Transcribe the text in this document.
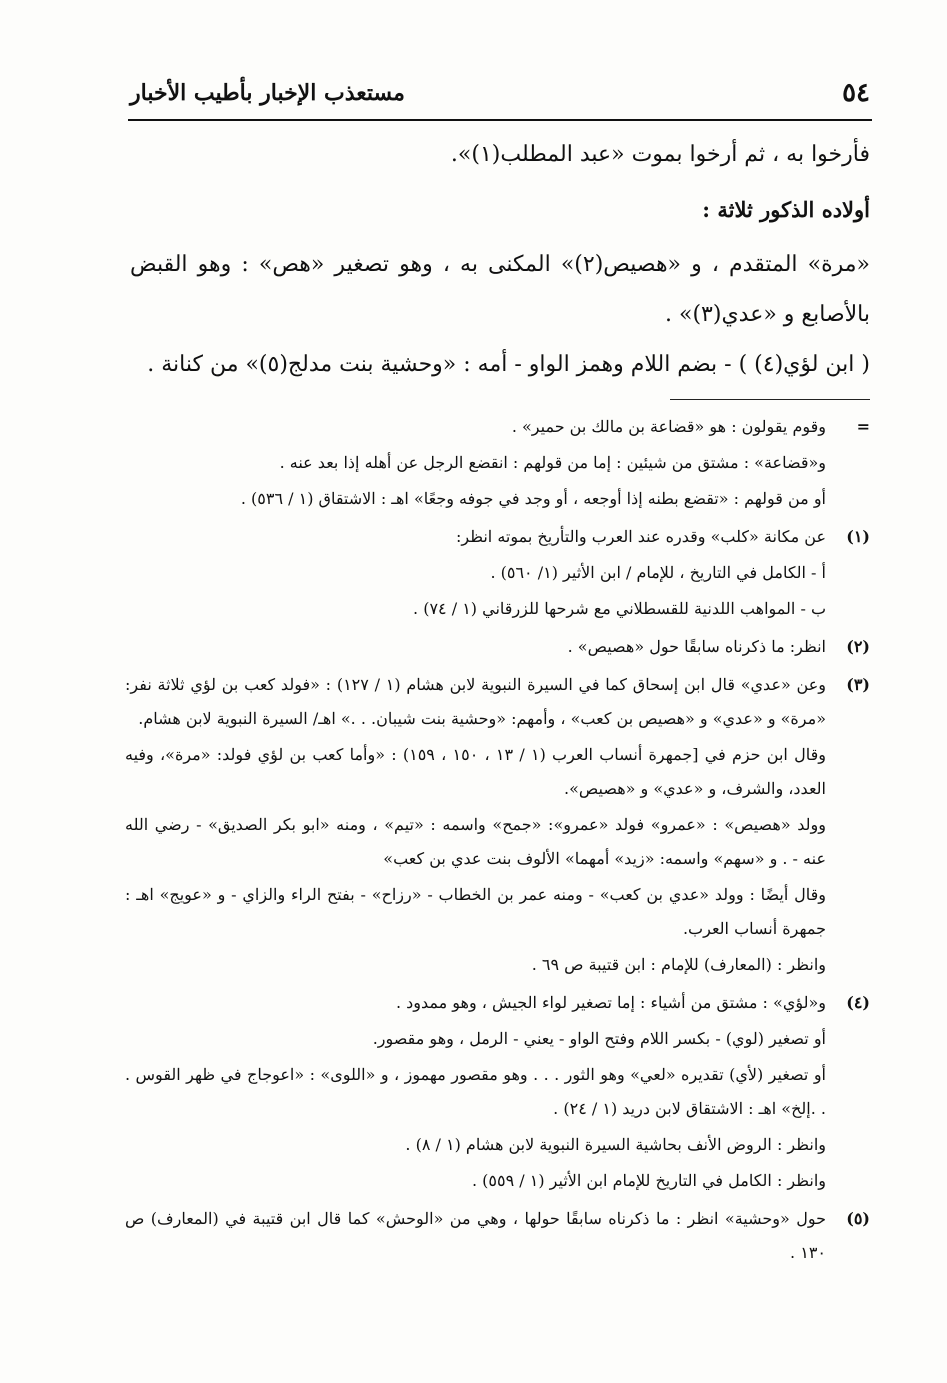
٥٤
مستعذب الإخبار بأطيب الأخبار

فأرخوا به ، ثم أرخوا بموت «عبد المطلب(١)».

أولاده الذكور ثلاثة :

«مرة» المتقدم ، و «هصيص(٢)» المكنى به ، وهو تصغير «هص» : وهو القبض بالأصابع و «عدي(٣)» .

( ابن لؤي(٤) ) - بضم اللام وهمز الواو - أمه : «وحشية بنت مدلج(٥)» من كنانة .

=

وقوم يقولون : هو «قضاعة بن مالك بن حمير» .

و«قضاعة» : مشتق من شيئين : إما من قولهم : انقضع الرجل عن أهله إذا بعد عنه .

أو من قولهم : «تقضع بطنه إذا أوجعه ، أو وجد في جوفه وجعًا» اهـ : الاشتقاق (١ / ٥٣٦) .

(١)

عن مكانة «كلب» وقدره عند العرب والتأريخ بموته انظر:

أ - الكامل في التاريخ ، للإمام / ابن الأثير (١/ ٥٦٠) .

ب - المواهب اللدنية للقسطلاني مع شرحها للزرقاني (١ / ٧٤) .

(٢)

انظر: ما ذكرناه سابقًا حول «هصيص» .

(٣)

وعن «عدي» قال ابن إسحاق كما في السيرة النبوية لابن هشام (١ / ١٢٧) : «فولد كعب بن لؤي ثلاثة نفر: «مرة» و «عدي» و «هصيص بن كعب» ، وأمهم: «وحشية بنت شيبان. . .» اهـ/ السيرة النبوية لابن هشام.

وقال ابن حزم في [جمهرة أنساب العرب (١ / ١٣ ، ١٥٠ ، ١٥٩) : «وأما كعب بن لؤي فولد: «مرة»، وفيه العدد، والشرف، و «عدي» و «هصيص».

وولد «هصيص» : «عمرو» فولد «عمرو»: «جمح» واسمه : «تيم» ، ومنه «ابو بكر الصديق» - رضي الله عنه - . و «سهم» واسمه: «زيد» أمهما» الألوف بنت عدي بن كعب»

وقال أيضًا : وولد «عدي بن كعب» - ومنه عمر بن الخطاب - «رزاح» - بفتح الراء والزاي - و «عويج» اهـ : جمهرة أنساب العرب.

وانظر : (المعارف) للإمام : ابن قتيبة ص ٦٩ .

(٤)

و«لؤي» : مشتق من أشياء : إما تصغير لواء الجيش ، وهو ممدود .

أو تصغير (لوي) - بكسر اللام وفتح الواو - يعني - الرمل ، وهو مقصور.

أو تصغير (لأي) تقديره «لعي» وهو الثور . . . وهو مقصور مهموز ، و «اللوى» : «اعوجاج في ظهر القوس . . .إلخ» اهـ : الاشتقاق لابن دريد (١ / ٢٤) .

وانظر : الروض الأنف بحاشية السيرة النبوية لابن هشام (١ / ٨) .

وانظر : الكامل في التاريخ للإمام ابن الأثير (١ / ٥٥٩) .

(٥)

حول «وحشية» انظر : ما ذكرناه سابقًا حولها ، وهي من «الوحش» كما قال ابن قتيبة في (المعارف) ص ١٣٠ .
